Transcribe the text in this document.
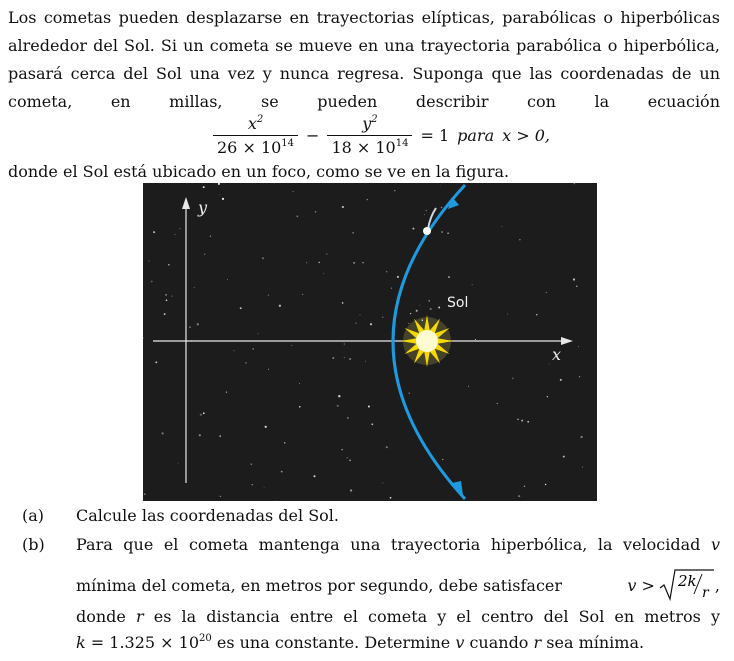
Los cometas pueden desplazarse en trayectorias elípticas, parabólicas o hiperbólicas
alrededor del Sol. Si un cometa se mueve en una trayectoria parabólica o hiperbólica,
pasará cerca del Sol una vez y nunca regresa. Suponga que las coordenadas de un
cometa, en millas, se pueden describir con la ecuación
$\frac{x^2}{26 \times 10^{14}} - \frac{y^2}{18 \times 10^{14}} = 1$ para x > 0,
donde el Sol está ubicado en un foco, como se ve en la figura.
y
x
Sol
(a) Calcule las coordenadas del Sol.
(b) Para que el cometa mantenga una trayectoria hiperbólica, la velocidad v
mínima del cometa, en metros por segundo, debe satisfacer	v > 2k
r ,
donde r es la distancia entre el cometa y el centro del Sol en metros y
$k = 1.325 \times 10^{20}$ es una constante. Determine v cuando r sea mínima.
